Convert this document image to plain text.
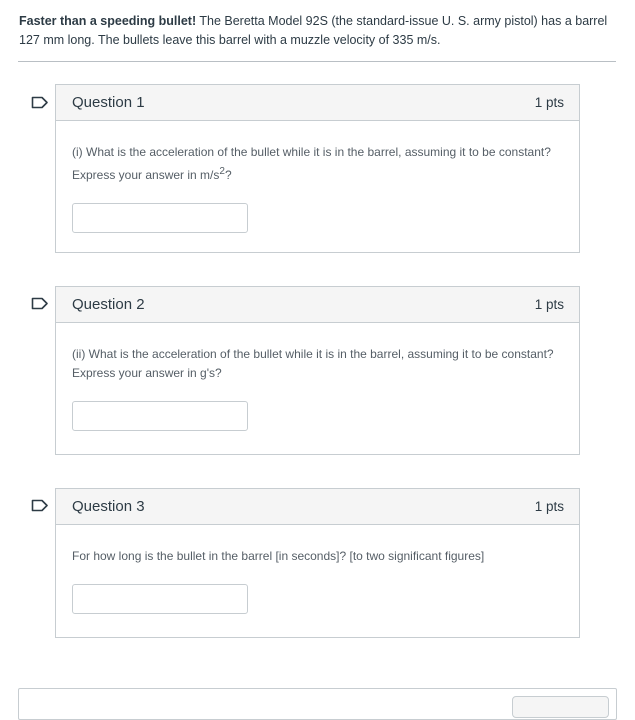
Faster than a speeding bullet! The Beretta Model 92S (the standard-issue U. S. army pistol) has a barrel 127 mm long. The bullets leave this barrel with a muzzle velocity of 335 m/s.
Question 1	1 pts
(i) What is the acceleration of the bullet while it is in the barrel, assuming it to be constant? Express your answer in $m/s^2$?
Question 2	1 pts
(ii) What is the acceleration of the bullet while it is in the barrel, assuming it to be constant? Express your answer in g's?
Question 3	1 pts
For how long is the bullet in the barrel [in seconds]? [to two significant figures]
